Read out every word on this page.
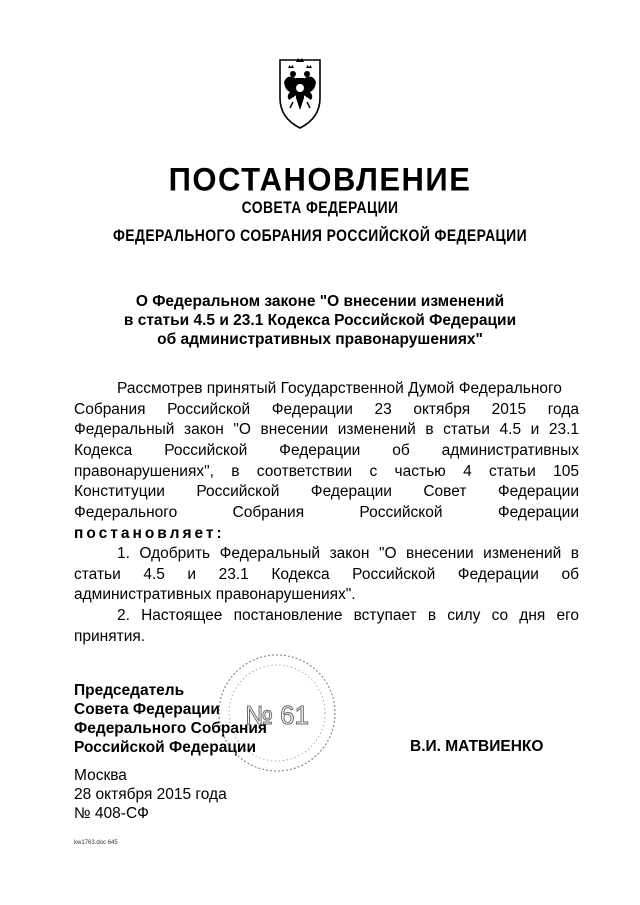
ПОСТАНОВЛЕНИЕ
СОВЕТА ФЕДЕРАЦИИ
ФЕДЕРАЛЬНОГО СОБРАНИЯ РОССИЙСКОЙ ФЕДЕРАЦИИ
О Федеральном законе "О внесении изменений
в статьи 4.5 и 23.1 Кодекса Российской Федерации
об административных правонарушениях"
Рассмотрев принятый Государственной Думой Федерального
Собрания Российской Федерации 23 октября 2015 года
Федеральный закон "О внесении изменений в статьи 4.5 и 23.1
Кодекса Российской Федерации об административных
правонарушениях", в соответствии с частью 4 статьи 105
Конституции Российской Федерации Совет Федерации
Федерального Собрания Российской Федерации
постановляет:
1. Одобрить Федеральный закон "О внесении изменений в
статьи 4.5 и 23.1 Кодекса Российской Федерации об
административных правонарушениях".
2. Настоящее постановление вступает в силу со дня его
принятия.
Председатель
Совета Федерации
Федерального Собрания
Российской Федерации
№ 61
В.И. МАТВИЕНКО
Москва
28 октября 2015 года
№ 408-СФ
kw1763.doc 645
